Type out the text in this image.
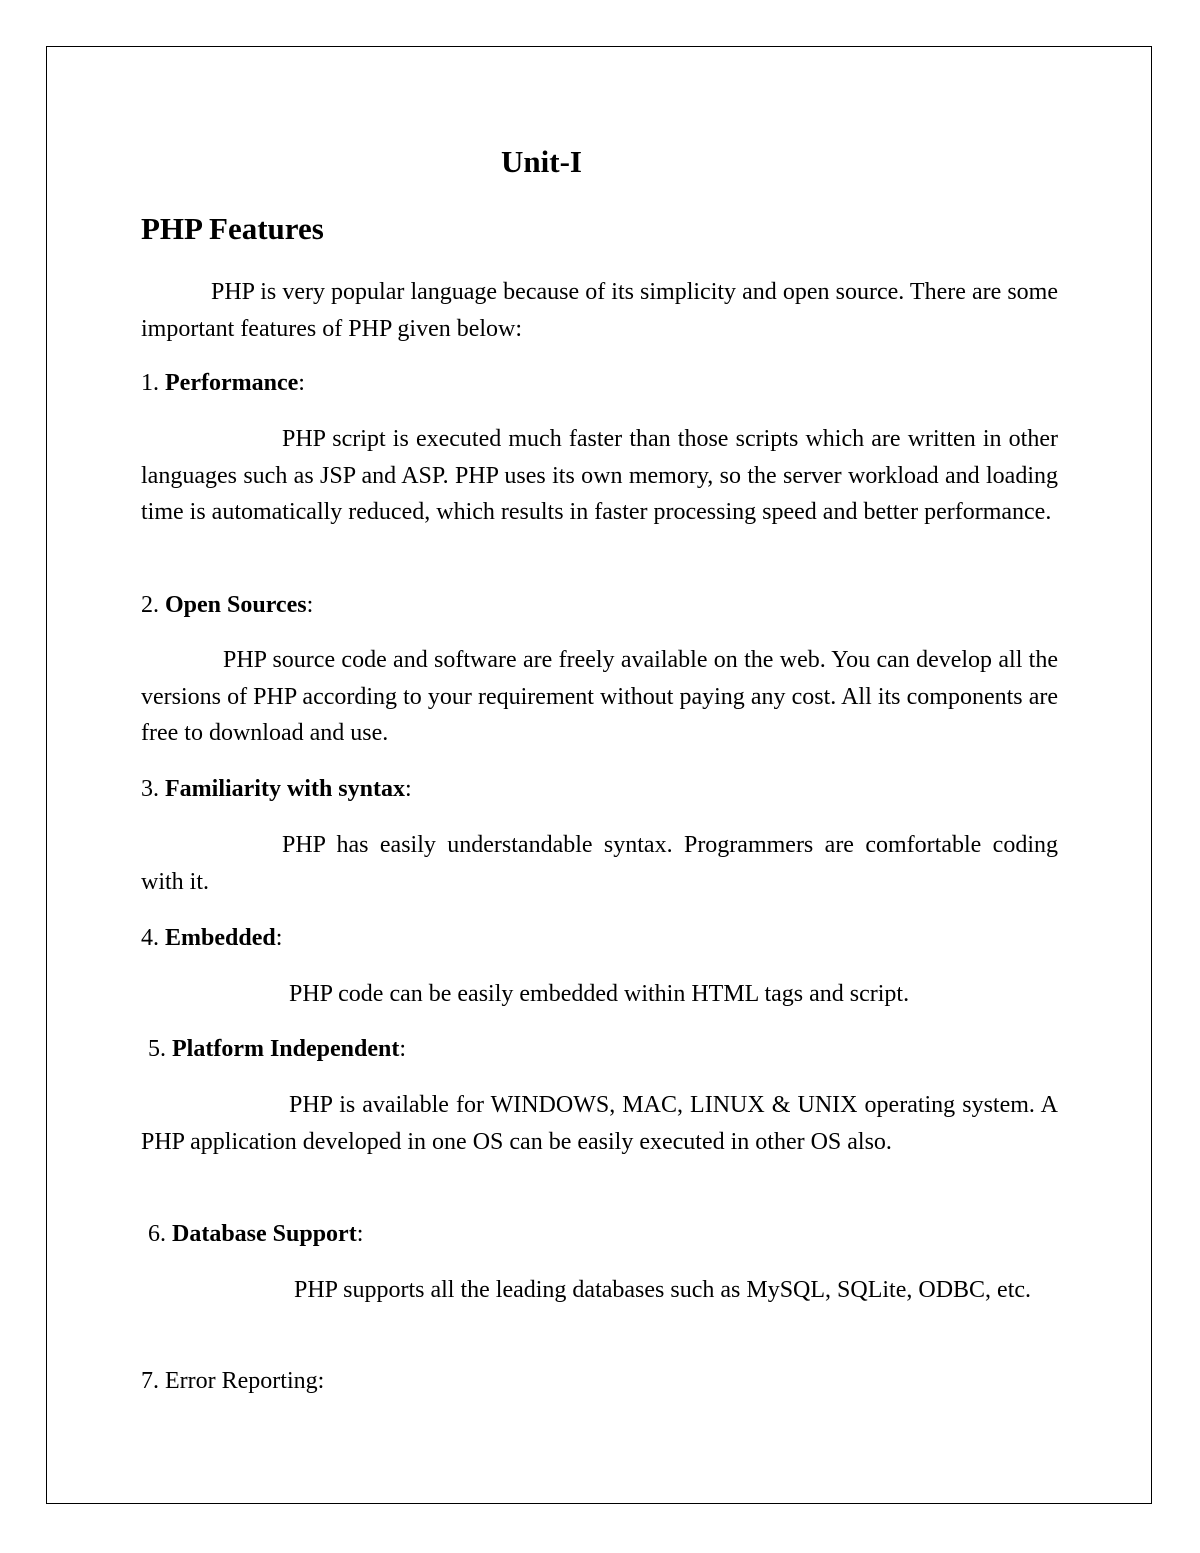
Unit-I
PHP Features

PHP is very popular language because of its simplicity and open source. There are some important features of PHP given below:

1. Performance:

PHP script is executed much faster than those scripts which are written in other languages such as JSP and ASP. PHP uses its own memory, so the server workload and loading time is automatically reduced, which results in faster processing speed and better performance.

2. Open Sources:

PHP source code and software are freely available on the web. You can develop all the versions of PHP according to your requirement without paying any cost. All its components are free to download and use.

3. Familiarity with syntax:

PHP has easily understandable syntax. Programmers are comfortable coding with it.

4. Embedded:

PHP code can be easily embedded within HTML tags and script.

5. Platform Independent:

PHP is available for WINDOWS, MAC, LINUX & UNIX operating system. A PHP application developed in one OS can be easily executed in other OS also.

6. Database Support:

PHP supports all the leading databases such as MySQL, SQLite, ODBC, etc.

7. Error Reporting:
